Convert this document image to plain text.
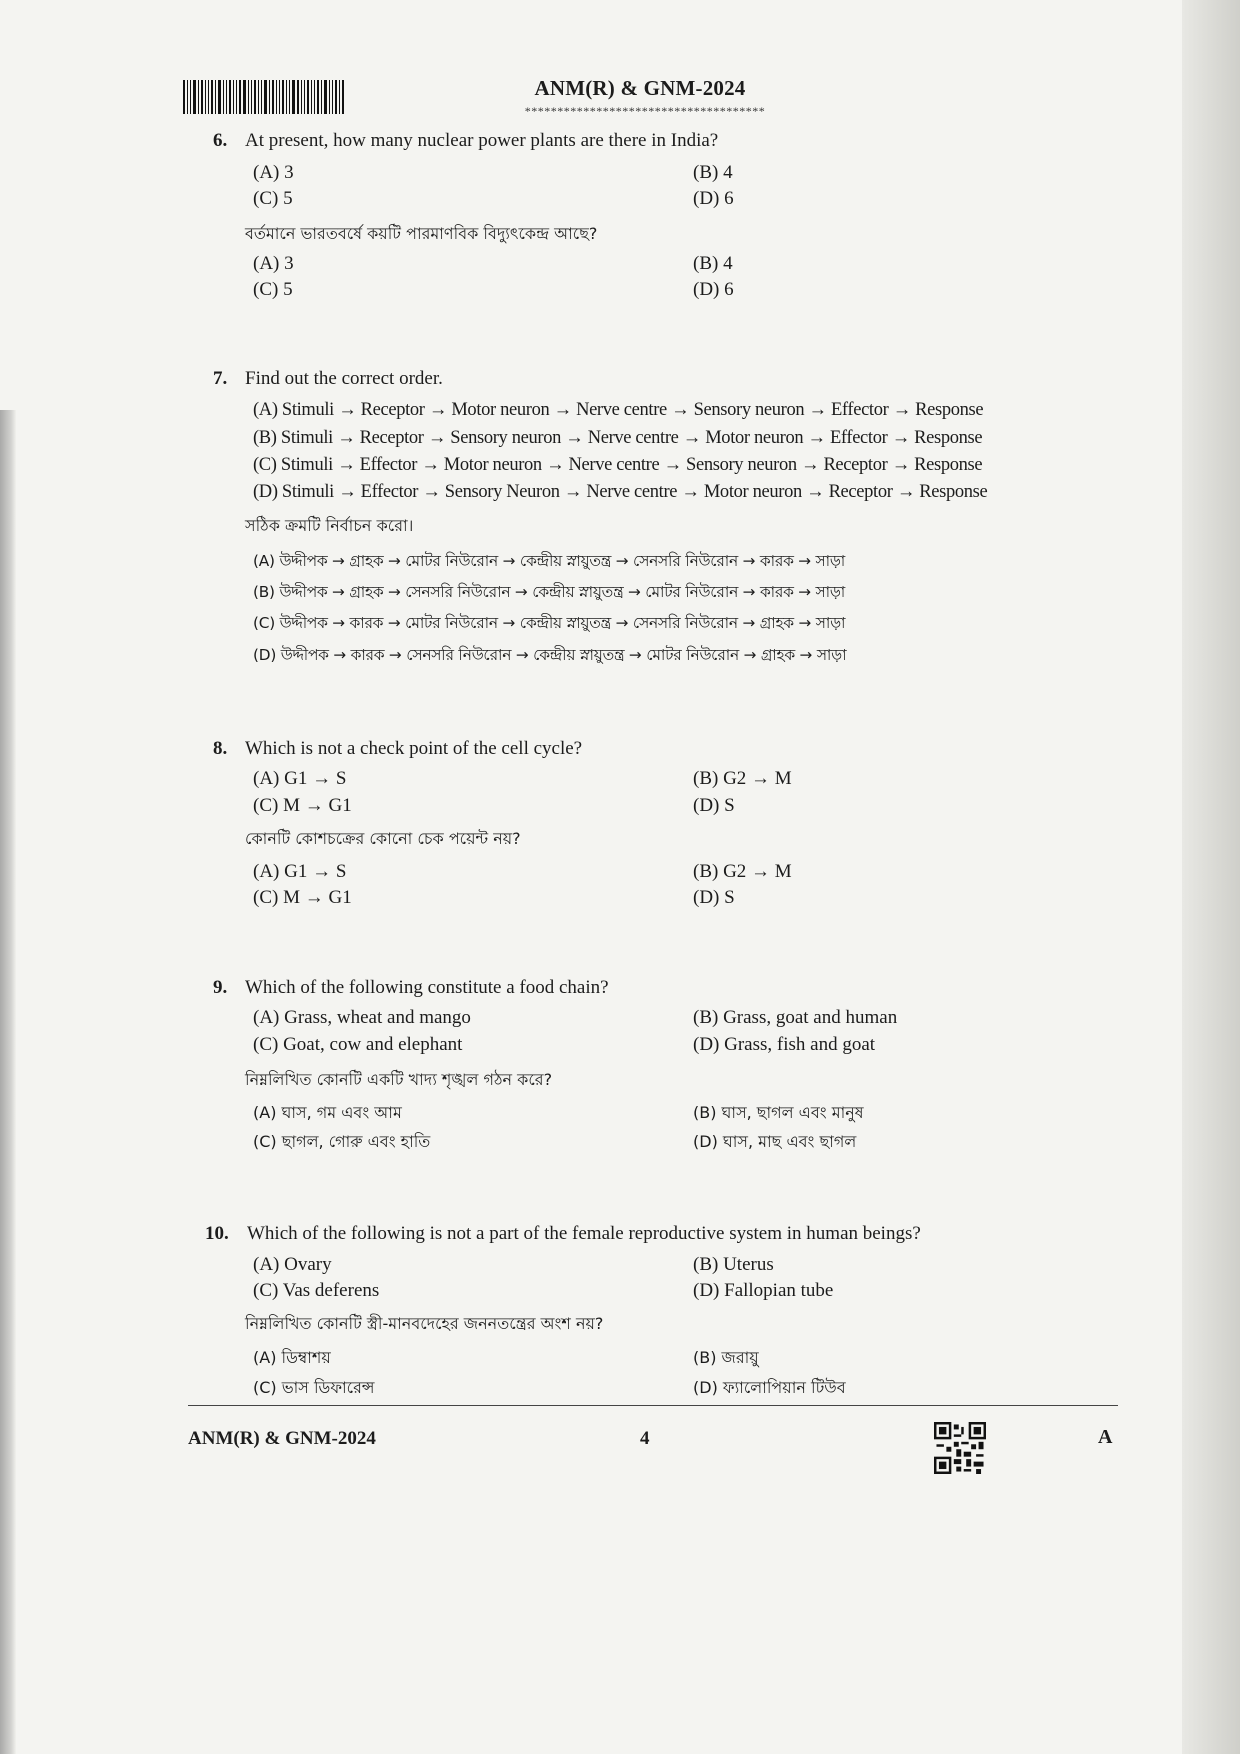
ANM(R) & GNM-2024
*************************************
6. At present, how many nuclear power plants are there in India?
(A) 3	(B) 4
(C) 5	(D) 6
বর্তমানে ভারতবর্ষে কয়টি পারমাণবিক বিদ্যুৎকেন্দ্র আছে?
(A) 3	(B) 4
(C) 5	(D) 6
7. Find out the correct order.
(A) Stimuli → Receptor → Motor neuron → Nerve centre → Sensory neuron → Effector → Response
(B) Stimuli → Receptor → Sensory neuron → Nerve centre → Motor neuron → Effector → Response
(C) Stimuli → Effector → Motor neuron → Nerve centre → Sensory neuron → Receptor → Response
(D) Stimuli → Effector → Sensory Neuron → Nerve centre → Motor neuron → Receptor → Response
সঠিক ক্রমটি নির্বাচন করো।
(A) উদ্দীপক → গ্রাহক → মোটর নিউরোন → কেন্দ্রীয় স্নায়ুতন্ত্র → সেনসরি নিউরোন → কারক → সাড়া
(B) উদ্দীপক → গ্রাহক → সেনসরি নিউরোন → কেন্দ্রীয় স্নায়ুতন্ত্র → মোটর নিউরোন → কারক → সাড়া
(C) উদ্দীপক → কারক → মোটর নিউরোন → কেন্দ্রীয় স্নায়ুতন্ত্র → সেনসরি নিউরোন → গ্রাহক → সাড়া
(D) উদ্দীপক → কারক → সেনসরি নিউরোন → কেন্দ্রীয় স্নায়ুতন্ত্র → মোটর নিউরোন → গ্রাহক → সাড়া
8. Which is not a check point of the cell cycle?
(A) G1 → S	(B) G2 → M
(C) M → G1	(D) S
কোনটি কোশচক্রের কোনো চেক পয়েন্ট নয়?
(A) G1 → S	(B) G2 → M
(C) M → G1	(D) S
9. Which of the following constitute a food chain?
(A) Grass, wheat and mango	(B) Grass, goat and human
(C) Goat, cow and elephant	(D) Grass, fish and goat
নিম্নলিখিত কোনটি একটি খাদ্য শৃঙ্খল গঠন করে?
(A) ঘাস, গম এবং আম	(B) ঘাস, ছাগল এবং মানুষ
(C) ছাগল, গোরু এবং হাতি	(D) ঘাস, মাছ এবং ছাগল
10. Which of the following is not a part of the female reproductive system in human beings?
(A) Ovary	(B) Uterus
(C) Vas deferens	(D) Fallopian tube
নিম্নলিখিত কোনটি স্ত্রী-মানবদেহের জননতন্ত্রের অংশ নয়?
(A) ডিম্বাশয়	(B) জরায়ু
(C) ভাস ডিফারেন্স	(D) ফ্যালোপিয়ান টিউব
ANM(R) & GNM-2024	4	A
